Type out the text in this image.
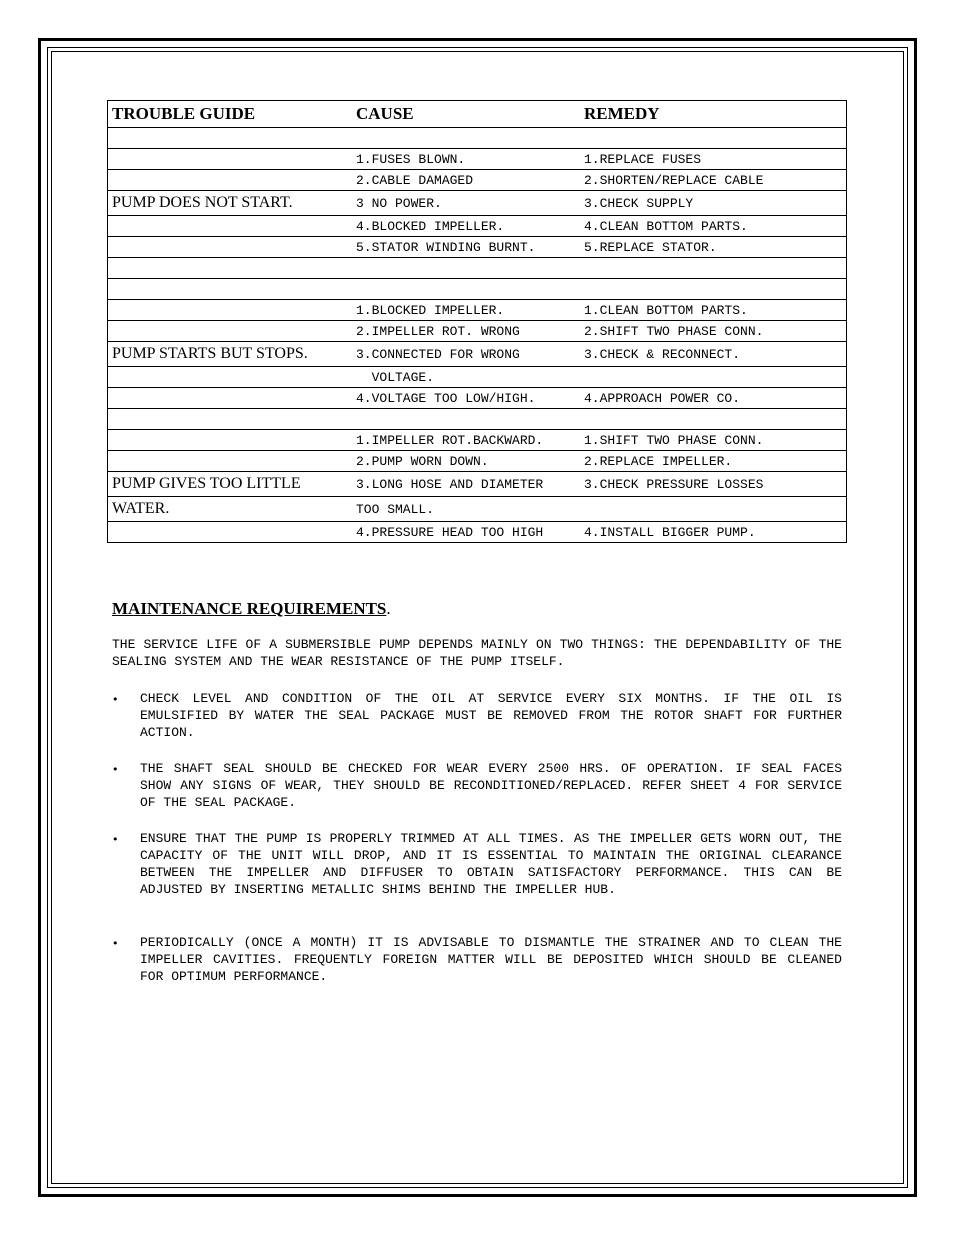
TROUBLE GUIDE	CAUSE	REMEDY

	1.FUSES BLOWN.	1.REPLACE FUSES
	2.CABLE DAMAGED	2.SHORTEN/REPLACE CABLE
PUMP DOES NOT START.	3 NO POWER.	3.CHECK SUPPLY
	4.BLOCKED IMPELLER.	4.CLEAN BOTTOM PARTS.
	5.STATOR WINDING BURNT.	5.REPLACE STATOR.

	1.BLOCKED IMPELLER.	1.CLEAN BOTTOM PARTS.
	2.IMPELLER ROT. WRONG	2.SHIFT TWO PHASE CONN.
PUMP STARTS BUT STOPS.	3.CONNECTED FOR WRONG	3.CHECK & RECONNECT.
	VOLTAGE.	
	4.VOLTAGE TOO LOW/HIGH.	4.APPROACH POWER CO.

	1.IMPELLER ROT.BACKWARD.	1.SHIFT TWO PHASE CONN.
	2.PUMP WORN DOWN.	2.REPLACE IMPELLER.
PUMP GIVES TOO LITTLE	3.LONG HOSE AND DIAMETER	3.CHECK PRESSURE LOSSES
WATER.	TOO SMALL.	
	4.PRESSURE HEAD TOO HIGH	4.INSTALL BIGGER PUMP.
MAINTENANCE REQUIREMENTS.

THE SERVICE LIFE OF A SUBMERSIBLE PUMP DEPENDS MAINLY ON TWO THINGS: THE DEPENDABILITY OF THE SEALING SYSTEM AND THE WEAR RESISTANCE OF THE PUMP ITSELF.

• CHECK LEVEL AND CONDITION OF THE OIL AT SERVICE EVERY SIX MONTHS. IF THE OIL IS EMULSIFIED BY WATER THE SEAL PACKAGE MUST BE REMOVED FROM THE ROTOR SHAFT FOR FURTHER ACTION.

• THE SHAFT SEAL SHOULD BE CHECKED FOR WEAR EVERY 2500 HRS. OF OPERATION. IF SEAL FACES SHOW ANY SIGNS OF WEAR, THEY SHOULD BE RECONDITIONED/REPLACED. REFER SHEET 4 FOR SERVICE OF THE SEAL PACKAGE.

• ENSURE THAT THE PUMP IS PROPERLY TRIMMED AT ALL TIMES. AS THE IMPELLER GETS WORN OUT, THE CAPACITY OF THE UNIT WILL DROP, AND IT IS ESSENTIAL TO MAINTAIN THE ORIGINAL CLEARANCE BETWEEN THE IMPELLER AND DIFFUSER TO OBTAIN SATISFACTORY PERFORMANCE. THIS CAN BE ADJUSTED BY INSERTING METALLIC SHIMS BEHIND THE IMPELLER HUB.

• PERIODICALLY (ONCE A MONTH) IT IS ADVISABLE TO DISMANTLE THE STRAINER AND TO CLEAN THE IMPELLER CAVITIES. FREQUENTLY FOREIGN MATTER WILL BE DEPOSITED WHICH SHOULD BE CLEANED FOR OPTIMUM PERFORMANCE.
